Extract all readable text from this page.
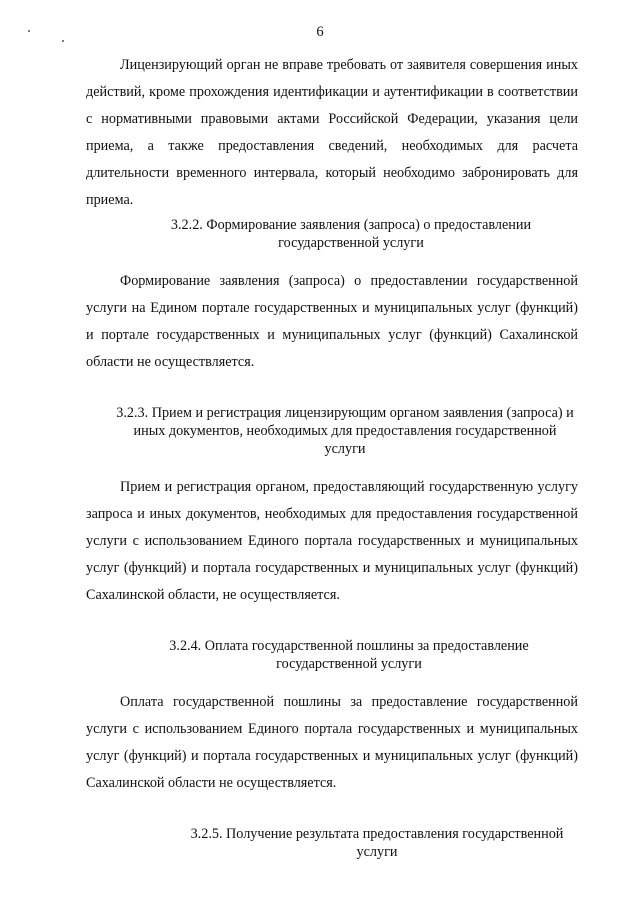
6

Лицензирующий орган не вправе требовать от заявителя совершения иных действий, кроме прохождения идентификации и аутентификации в соответствии с нормативными правовыми актами Российской Федерации, указания цели приема, а также предоставления сведений, необходимых для расчета длительности временного интервала, который необходимо забронировать для приема.

3.2.2. Формирование заявления (запроса) о предоставлении государственной услуги

Формирование заявления (запроса) о предоставлении государственной услуги на Едином портале государственных и муниципальных услуг (функций) и портале государственных и муниципальных услуг (функций) Сахалинской области не осуществляется.

3.2.3. Прием и регистрация лицензирующим органом заявления (запроса) и иных документов, необходимых для предоставления государственной услуги

Прием и регистрация органом, предоставляющий государственную услугу запроса и иных документов, необходимых для предоставления государственной услуги с использованием Единого портала государственных и муниципальных услуг (функций) и портала государственных и муниципальных услуг (функций) Сахалинской области, не осуществляется.

3.2.4. Оплата государственной пошлины за предоставление государственной услуги

Оплата государственной пошлины за предоставление государственной услуги с использованием Единого портала государственных и муниципальных услуг (функций) и портала государственных и муниципальных услуг (функций) Сахалинской области не осуществляется.

3.2.5. Получение результата предоставления государственной услуги
